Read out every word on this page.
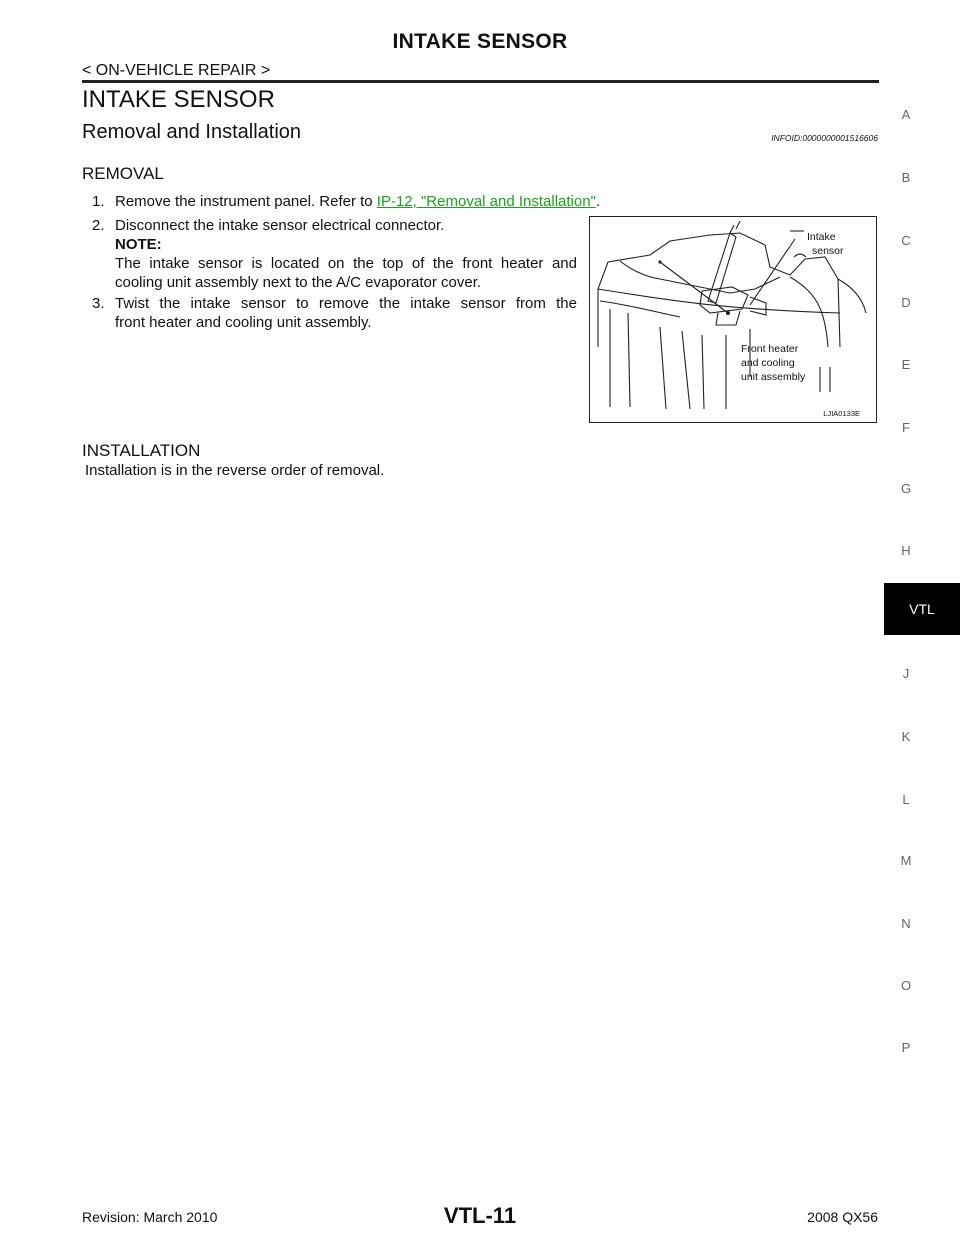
INTAKE SENSOR
< ON-VEHICLE REPAIR >
INTAKE SENSOR
Removal and Installation	INFOID:0000000001516606
REMOVAL
1. Remove the instrument panel. Refer to IP-12, "Removal and Installation".
2. Disconnect the intake sensor electrical connector.
NOTE:
The intake sensor is located on the top of the front heater and
cooling unit assembly next to the A/C evaporator cover.
3. Twist the intake sensor to remove the intake sensor from the
front heater and cooling unit assembly.
Intake
sensor
Front heater
and cooling
unit assembly
LJIA0133E
INSTALLATION
Installation is in the reverse order of removal.
A
B
C
D
E
F
G
H
VTL
J
K
L
M
N
O
P
Revision: March 2010	VTL-11	2008 QX56
